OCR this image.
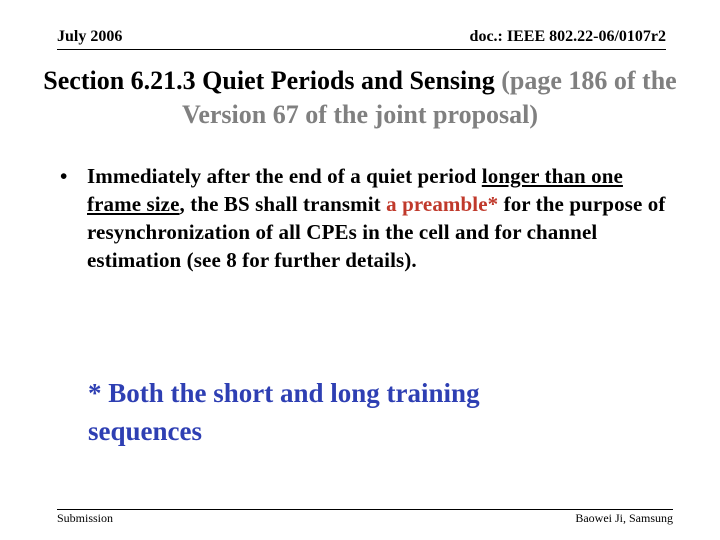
July 2006	doc.: IEEE 802.22-06/0107r2
Section 6.21.3 Quiet Periods and Sensing (page 186 of the Version 67 of the joint proposal)
• Immediately after the end of a quiet period longer than one frame size, the BS shall transmit a preamble* for the purpose of resynchronization of all CPEs in the cell and for channel estimation (see 8 for further details).
* Both the short and long training sequences
Submission	Baowei Ji, Samsung
